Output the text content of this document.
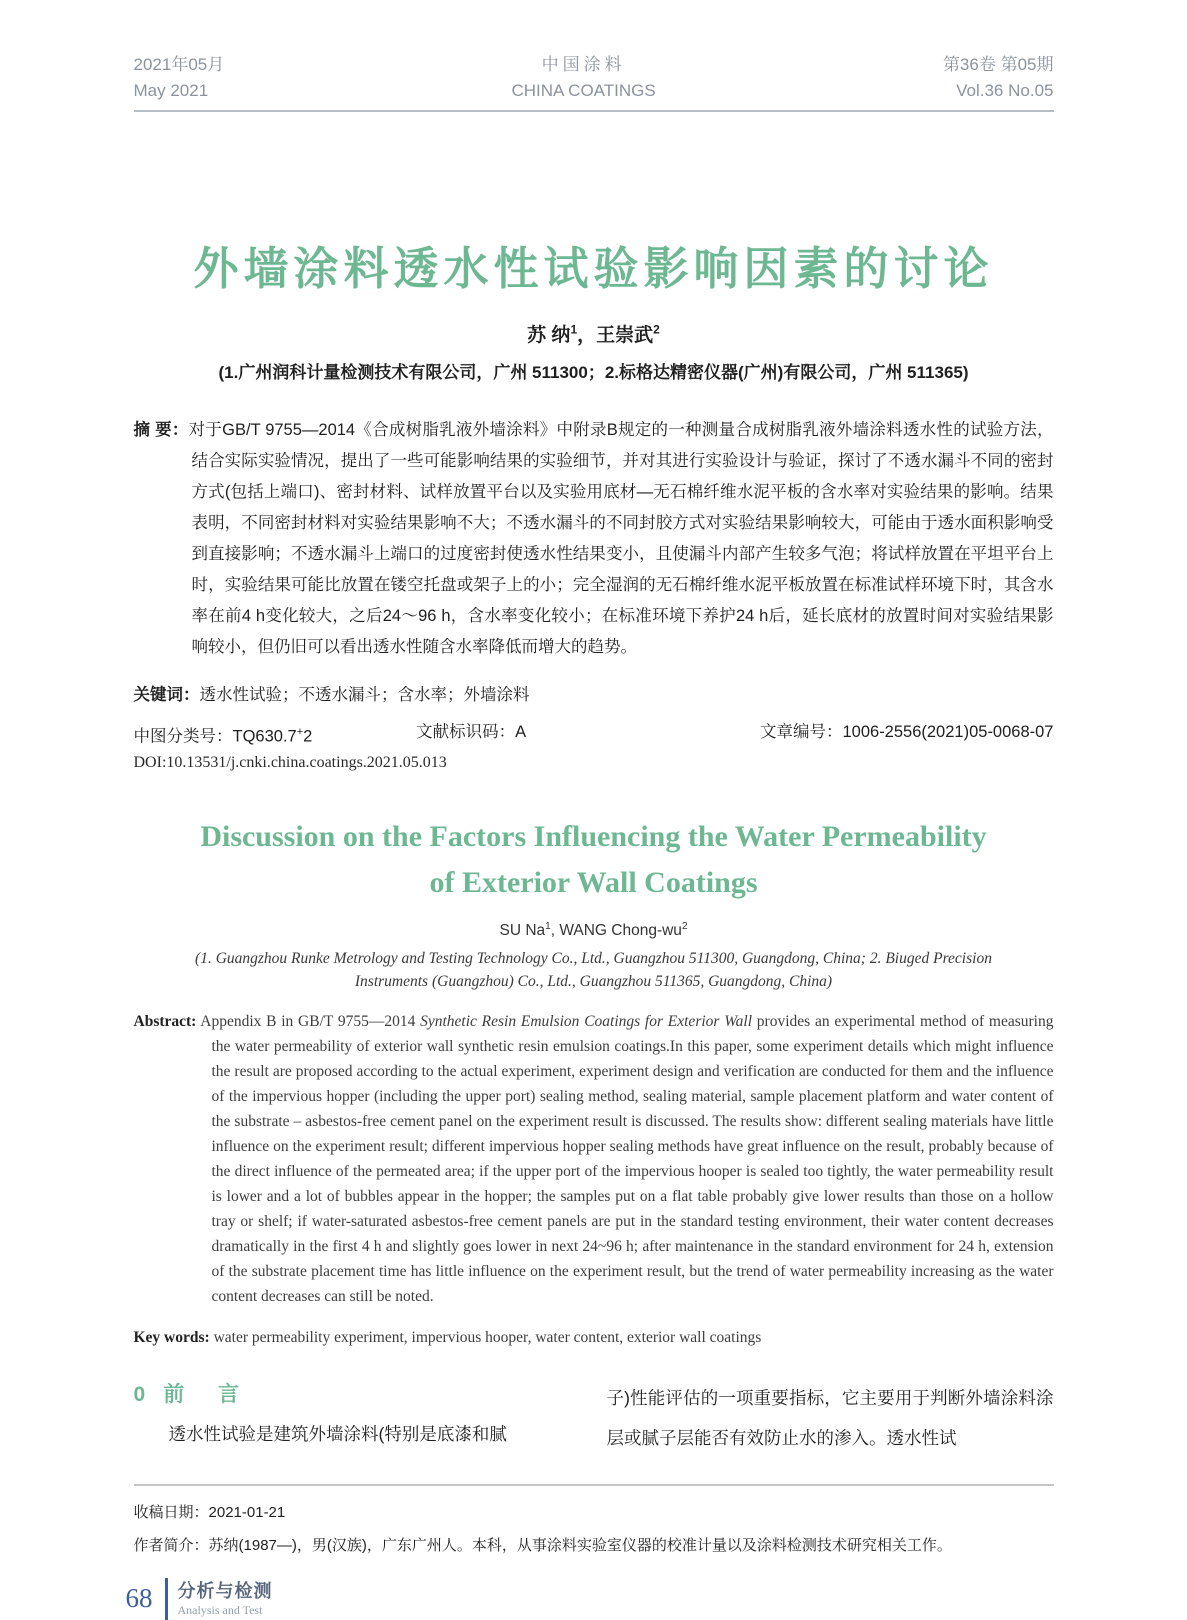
2021年05月
May 2021
中国涂料
CHINA COATINGS
第36卷 第05期
Vol.36 No.05
外墙涂料透水性试验影响因素的讨论
苏 纳$^1$，王崇武$^2$
(1.广州润科计量检测技术有限公司，广州 511300；2.标格达精密仪器(广州)有限公司，广州 511365)

摘 要：对于GB/T 9755—2014《合成树脂乳液外墙涂料》中附录B规定的一种测量合成树脂乳液外墙涂料透水性的试验方法，结合实际实验情况，提出了一些可能影响结果的实验细节，并对其进行实验设计与验证，探讨了不透水漏斗不同的密封方式(包括上端口)、密封材料、试样放置平台以及实验用底材—无石棉纤维水泥平板的含水率对实验结果的影响。结果表明，不同密封材料对实验结果影响不大；不透水漏斗的不同封胶方式对实验结果影响较大，可能由于透水面积影响受到直接影响；不透水漏斗上端口的过度密封使透水性结果变小，且使漏斗内部产生较多气泡；将试样放置在平坦平台上时，实验结果可能比放置在镂空托盘或架子上的小；完全湿润的无石棉纤维水泥平板放置在标准试样环境下时，其含水率在前4 h变化较大，之后24～96 h，含水率变化较小；在标准环境下养护24 h后，延长底材的放置时间对实验结果影响较小，但仍旧可以看出透水性随含水率降低而增大的趋势。

关键词：透水性试验；不透水漏斗；含水率；外墙涂料
中图分类号：TQ630.7+2	文献标识码：A	文章编号：1006-2556(2021)05-0068-07
DOI:10.13531/j.cnki.china.coatings.2021.05.013
Discussion on the Factors Influencing the Water Permeability
of Exterior Wall Coatings
SU Na$^1$, WANG Chong-$wu^2$
(1. Guangzhou Runke Metrology and Testing Technology Co., Ltd., Guangzhou 511300, Guangdong, China; 2. Biuged Precision
Instruments (Guangzhou) Co., Ltd., Guangzhou 511365, Guangdong, China)

Abstract: Appendix B in GB/T 9755—2014 Synthetic Resin Emulsion Coatings for Exterior Wall provides an experimental method of measuring the water permeability of exterior wall synthetic resin emulsion coatings.In this paper, some experiment details which might influence the result are proposed according to the actual experiment, experiment design and verification are conducted for them and the influence of the impervious hopper (including the upper port) sealing method, sealing material, sample placement platform and water content of the substrate – asbestos-free cement panel on the experiment result is discussed. The results show: different sealing materials have little influence on the experiment result; different impervious hopper sealing methods have great influence on the result, probably because of the direct influence of the permeated area; if the upper port of the impervious hooper is sealed too tightly, the water permeability result is lower and a lot of bubbles appear in the hopper; the samples put on a flat table probably give lower results than those on a hollow tray or shelf; if water-saturated asbestos-free cement panels are put in the standard testing environment, their water content decreases dramatically in the first 4 h and slightly goes lower in next 24~96 h; after maintenance in the standard environment for 24 h, extension of the substrate placement time has little influence on the experiment result, but the trend of water permeability increasing as the water content decreases can still be noted.

Key words: water permeability experiment, impervious hooper, water content, exterior wall coatings
0 前 言

透水性试验是建筑外墙涂料(特别是底漆和腻

子)性能评估的一项重要指标，它主要用于判断外墙涂料涂层或腻子层能否有效防止水的渗入。透水性试

收稿日期：2021-01-21
作者简介：苏纳(1987—)，男(汉族)，广东广州人。本科，从事涂料实验室仪器的校准计量以及涂料检测技术研究相关工作。
68 分析与检测
Analysis and Test
